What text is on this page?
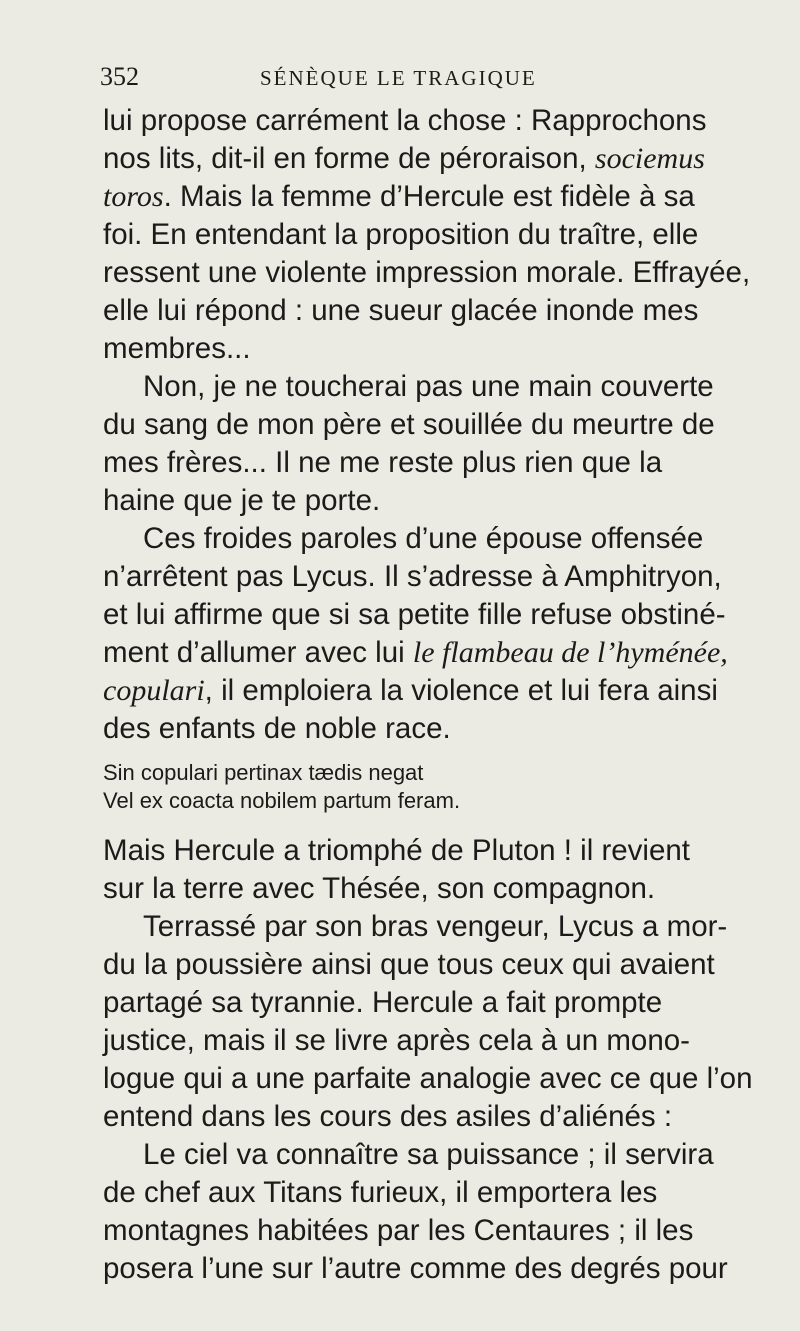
352	SÉNÈQUE LE TRAGIQUE
lui propose carrément la chose : Rapprochons
nos lits, dit-il en forme de péroraison, sociemus
toros. Mais la femme d’Hercule est fidèle à sa
foi. En entendant la proposition du traître, elle
ressent une violente impression morale. Effrayée,
elle lui répond : une sueur glacée inonde mes
membres...
Non, je ne toucherai pas une main couverte
du sang de mon père et souillée du meurtre de
mes frères... Il ne me reste plus rien que la
haine que je te porte.
Ces froides paroles d’une épouse offensée
n’arrêtent pas Lycus. Il s’adresse à Amphitryon,
et lui affirme que si sa petite fille refuse obstiné-
ment d’allumer avec lui le flambeau de l’hyménée,
copulari, il emploiera la violence et lui fera ainsi
des enfants de noble race.
Sin copulari pertinax tædis negat
Vel ex coacta nobilem partum feram.
Mais Hercule a triomphé de Pluton ! il revient
sur la terre avec Thésée, son compagnon.
Terrassé par son bras vengeur, Lycus a mor-
du la poussière ainsi que tous ceux qui avaient
partagé sa tyrannie. Hercule a fait prompte
justice, mais il se livre après cela à un mono-
logue qui a une parfaite analogie avec ce que l’on
entend dans les cours des asiles d’aliénés :
Le ciel va connaître sa puissance ; il servira
de chef aux Titans furieux, il emportera les
montagnes habitées par les Centaures ; il les
posera l’une sur l’autre comme des degrés pour
